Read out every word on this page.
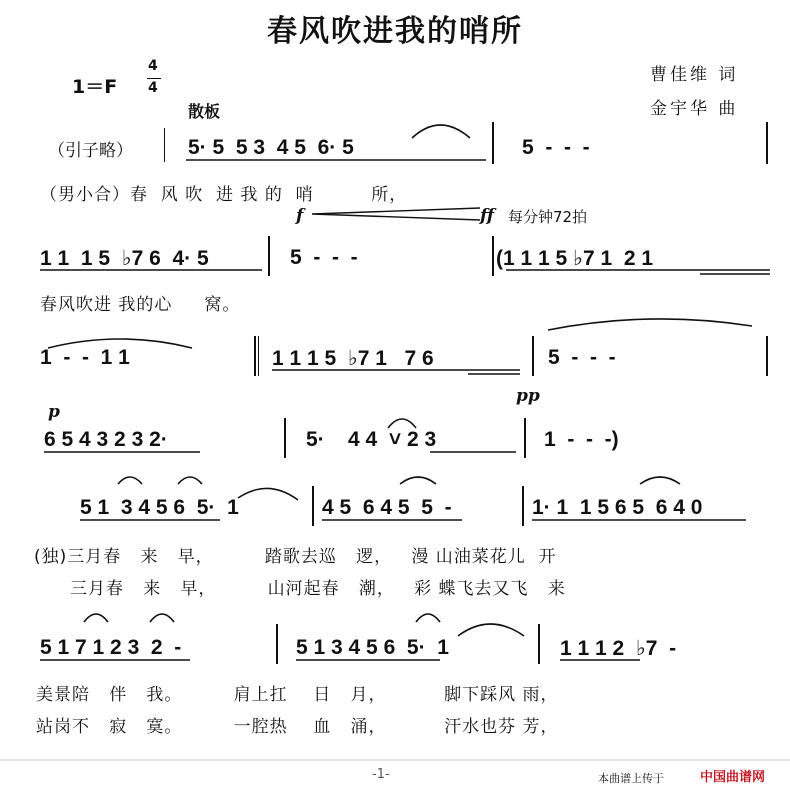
春风吹进我的哨所
曹佳维 词
金宇华 曲
1＝F
4
4
散板
（引子略）
f	ff 每分钟72拍
p
pp
5· 5  5 3  4 5  6· 5	5  -  -  -
（男小合）春  风 吹  进 我 的  哨         所，
1 1  1 5  ♭7 6  4· 5	5  -  -  -	(1 1 1 5 ♭7 1  2 1
春风吹进 我的心     窝。
1  -  -  1 1	1 1 1 5  ♭7 1   7 6	5  -  -  -
6 5 4 3 2 3 2·	5·    4 4  ˅ 2 3	1  -  -  -)
5 1  3 4 5 6  5·  1	4 5  6 4 5  5  -	1· 1  1 5 6 5  6 4 0
(独)三月春   来   早，        踏歌去巡   逻，   漫 山油菜花儿  开
三月春   来   早，        山河起春   潮，   彩 蝶飞去又飞   来
5 1 7 1 2 3  2  -	5 1 3 4 5 6  5·  1	1 1 1 2  ♭7  -
美景陪   伴   我。        肩上扛    日   月，         脚下踩风 雨，
站岗不   寂   寞。        一腔热    血   涌，         汗水也芬 芳，
-1-	本曲谱上传于	中国曲谱网
